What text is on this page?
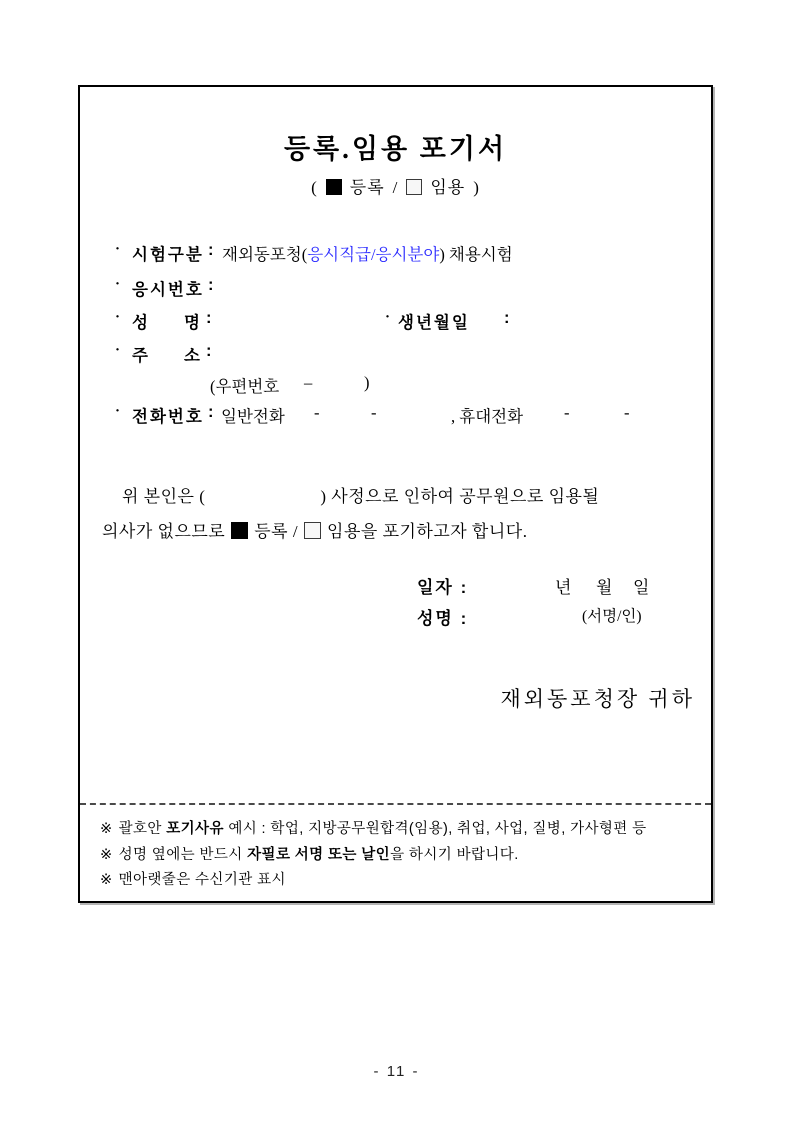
등록.임용 포기서
( 등록 / 임용 )
· 시험구분 : 재외동포청(응시직급/응시분야) 채용시험
· 응시번호 :
· 성 명 :	· 생년월일 :
· 주 소 :
(우편번호 –	)
· 전화번호 : 일반전화 -	-	, 휴대전화 -	-
위 본인은 (	) 사정으로 인하여 공무원으로 임용될
의사가 없으므로 등록 / 임용을 포기하고자 합니다.
일자 :	년 월 일
성명 :	(서명/인)
재외동포청장 귀하
※ 괄호안 포기사유 예시 : 학업, 지방공무원합격(임용), 취업, 사업, 질병, 가사형편 등
※ 성명 옆에는 반드시 자필로 서명 또는 날인을 하시기 바랍니다.
※ 맨아랫줄은 수신기관 표시
- 11 -
